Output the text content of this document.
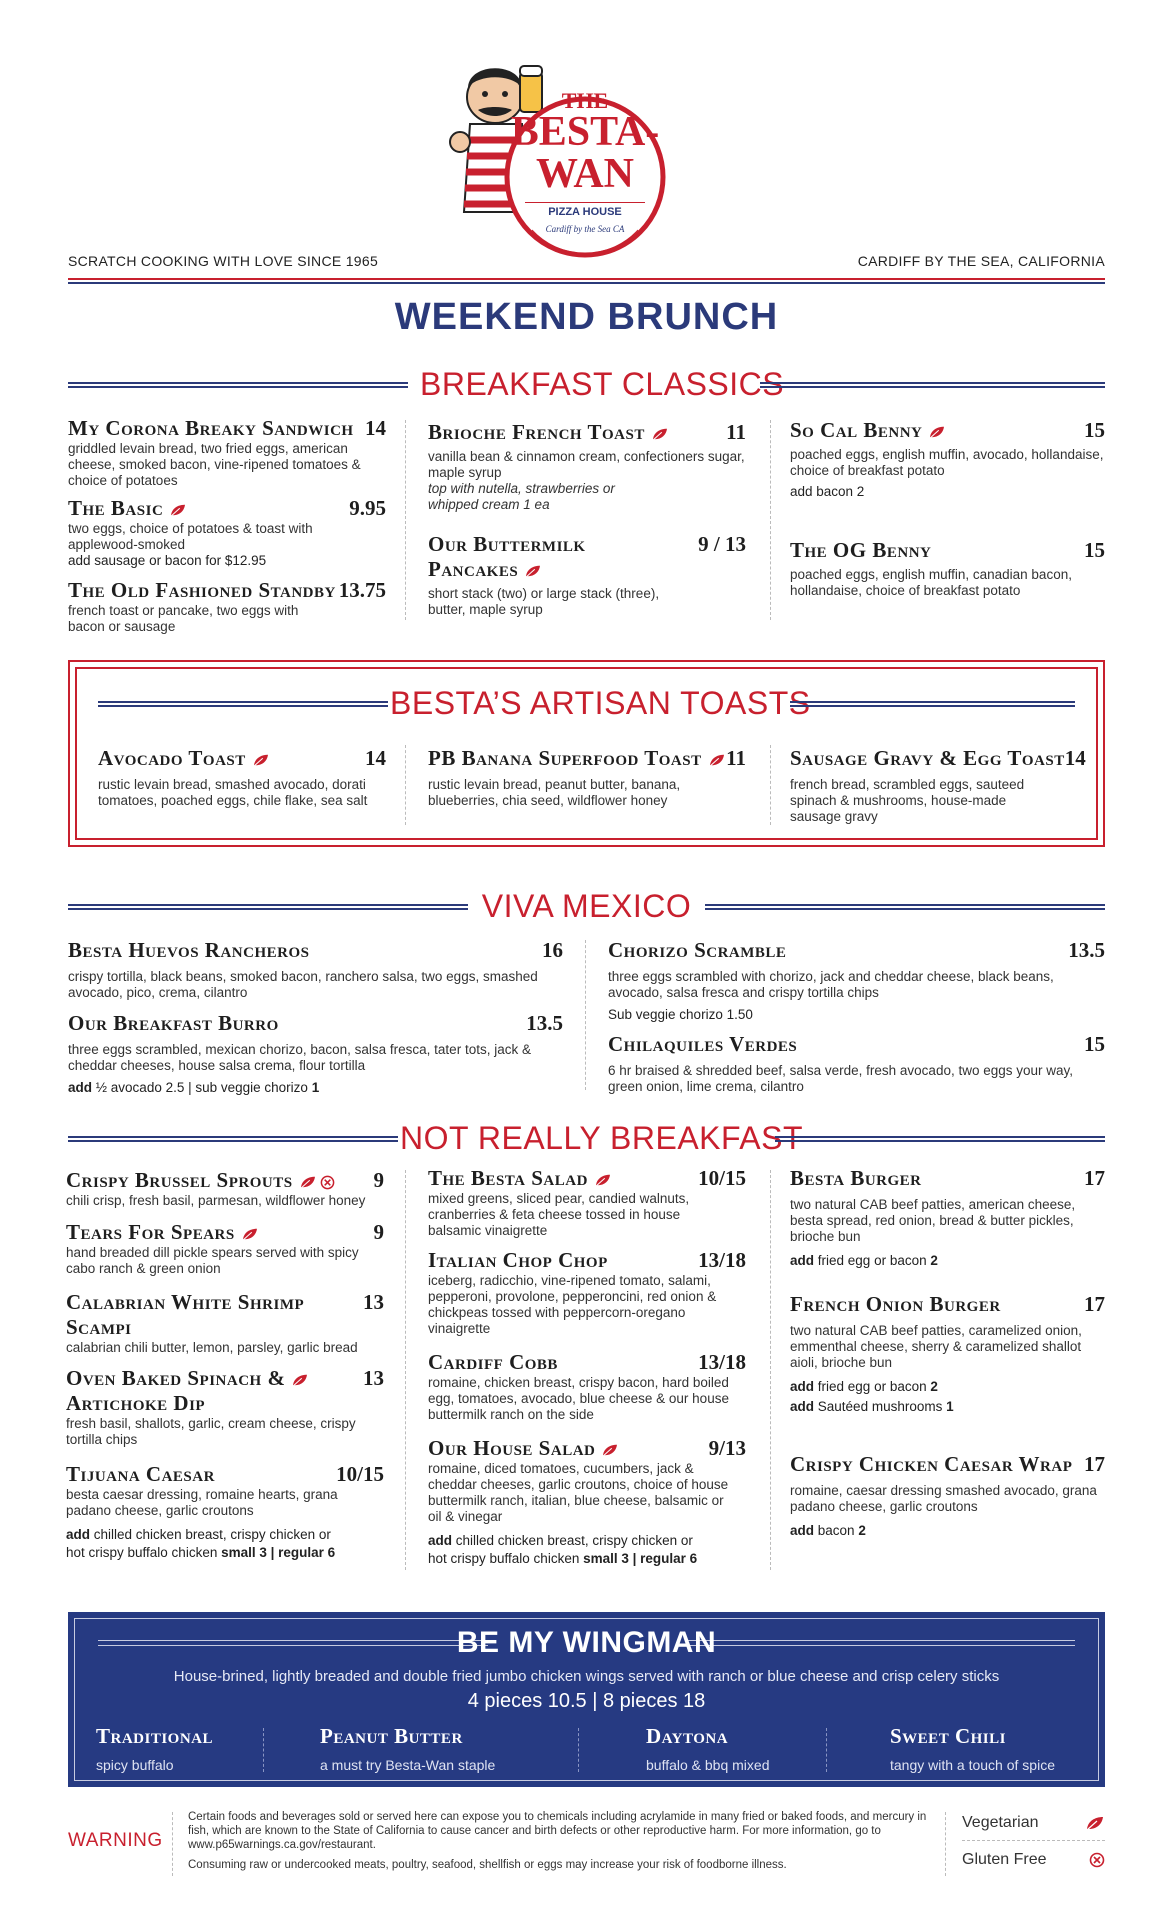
THE
BESTA-
WAN
PIZZA HOUSE
Cardiff by the Sea CA
SCRATCH COOKING WITH LOVE SINCE 1965	CARDIFF BY THE SEA, CALIFORNIA
WEEKEND BRUNCH
BREAKFAST CLASSICS
My Corona Breaky Sandwich 14
griddled levain bread, two fried eggs, american cheese, smoked bacon, vine-ripened tomatoes & choice of potatoes
The Basic	9.95
two eggs, choice of potatoes & toast with applewood-smoked
add sausage or bacon for $12.95
The Old Fashioned Standby 13.75
french toast or pancake, two eggs with bacon or sausage
Brioche French Toast	11
vanilla bean & cinnamon cream, confectioners sugar, maple syrup
top with nutella, strawberries or whipped cream 1 ea
Our Buttermilk	9 / 13
Pancakes
short stack (two) or large stack (three), butter, maple syrup
So Cal Benny	15
poached eggs, english muffin, avocado, hollandaise, choice of breakfast potato
add bacon 2
The OG Benny	15
poached eggs, english muffin, canadian bacon, hollandaise, choice of breakfast potato
BESTA’S ARTISAN TOASTS
Avocado Toast	14
rustic levain bread, smashed avocado, dorati tomatoes, poached eggs, chile flake, sea salt
PB Banana Superfood Toast	11
rustic levain bread, peanut butter, banana, blueberries, chia seed, wildflower honey
Sausage Gravy & Egg Toast 14
french bread, scrambled eggs, sauteed spinach & mushrooms, house-made sausage gravy
VIVA MEXICO
Besta Huevos Rancheros	16
crispy tortilla, black beans, smoked bacon, ranchero salsa, two eggs, smashed avocado, pico, crema, cilantro
Our Breakfast Burro	13.5
three eggs scrambled, mexican chorizo, bacon, salsa fresca, tater tots, jack & cheddar cheeses, house salsa crema, flour tortilla
add ½ avocado 2.5 | sub veggie chorizo 1
Chorizo Scramble	13.5
three eggs scrambled with chorizo, jack and cheddar cheese, black beans, avocado, salsa fresca and crispy tortilla chips
Sub veggie chorizo 1.50
Chilaquiles Verdes	15
6 hr braised & shredded beef, salsa verde, fresh avocado, two eggs your way, green onion, lime crema, cilantro
NOT REALLY BREAKFAST
Crispy Brussel Sprouts	9
chili crisp, fresh basil, parmesan, wildflower honey
Tears For Spears	9
hand breaded dill pickle spears served with spicy cabo ranch & green onion
Calabrian White Shrimp	13
Scampi
calabrian chili butter, lemon, parsley, garlic bread
Oven Baked Spinach &	13
Artichoke Dip
fresh basil, shallots, garlic, cream cheese, crispy tortilla chips
Tijuana Caesar	10/15
besta caesar dressing, romaine hearts, grana padano cheese, garlic croutons
add chilled chicken breast, crispy chicken or
hot crispy buffalo chicken small 3 | regular 6
The Besta Salad	10/15
mixed greens, sliced pear, candied walnuts, cranberries & feta cheese tossed in house balsamic vinaigrette
Italian Chop Chop	13/18
iceberg, radicchio, vine-ripened tomato, salami, pepperoni, provolone, pepperoncini, red onion & chickpeas tossed with peppercorn-oregano vinaigrette
Cardiff Cobb	13/18
romaine, chicken breast, crispy bacon, hard boiled egg, tomatoes, avocado, blue cheese & our house buttermilk ranch on the side
Our House Salad	9/13
romaine, diced tomatoes, cucumbers, jack & cheddar cheeses, garlic croutons, choice of house buttermilk ranch, italian, blue cheese, balsamic or oil & vinegar
add chilled chicken breast, crispy chicken or
hot crispy buffalo chicken small 3 | regular 6
Besta Burger	17
two natural CAB beef patties, american cheese, besta spread, red onion, bread & butter pickles, brioche bun
add fried egg or bacon 2
French Onion Burger	17
two natural CAB beef patties, caramelized onion, emmenthal cheese, sherry & caramelized shallot aioli, brioche bun
add fried egg or bacon 2
add Sautéed mushrooms 1
Crispy Chicken Caesar Wrap 17
romaine, caesar dressing smashed avocado, grana padano cheese, garlic croutons
add bacon 2
BE MY WINGMAN
House-brined, lightly breaded and double fried jumbo chicken wings served with ranch or blue cheese and crisp celery sticks
4 pieces 10.5 | 8 pieces 18
Traditional

spicy buffalo

Peanut Butter

a must try Besta-Wan staple

Daytona

buffalo & bbq mixed

Sweet Chili

tangy with a touch of spice

WARNING
Certain foods and beverages sold or served here can expose you to chemicals including acrylamide in many fried or baked foods, and mercury in fish, which are known to the State of California to cause cancer and birth defects or other reproductive harm. For more information, go to www.p65warnings.ca.gov/restaurant.
Consuming raw or undercooked meats, poultry, seafood, shellfish or eggs may increase your risk of foodborne illness.
Vegetarian
Gluten Free
